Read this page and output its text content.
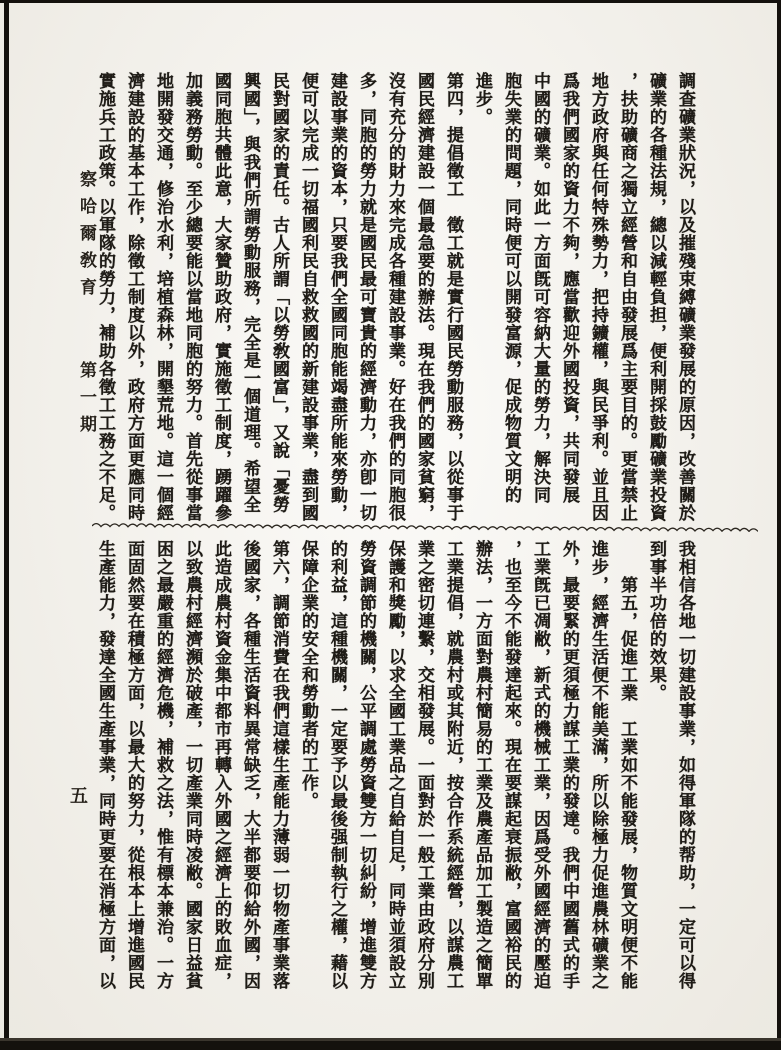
察哈爾敎育 第一期
五
調查礦業狀況，以及摧殘束縛礦業發展的原因，改善關於
礦業的各種法規，總以減輕負担，便利開採鼓勵礦業投資
，扶助礦商之獨立經營和自由發展爲主要目的。更當禁止
地方政府與任何特殊勢力，把持鑛權，與民爭利。並且因
爲我們國家的資力不夠，應當歡迎外國投資，共同發展
中國的礦業。如此一方面旣可容納大量的勞力，解決同
胞失業的問題，同時便可以開發富源，促成物質文明的
進步。
第四，提倡徵工　徵工就是實行國民勞動服務，以從事于
國民經濟建設一個最急要的辦法。現在我們的國家貧窮，
沒有充分的財力來完成各種建設事業。好在我們的同胞很
多，同胞的勞力就是國民最可寶貴的經濟動力，亦卽一切
建設事業的資本，只要我們全國同胞能竭盡所能來勞動，
便可以完成一切福國利民自救救國的新建設事業，盡到國
民對國家的責任。古人所謂「以勞敎國富」，又說「憂勞
興國」，與我們所謂勞動服務，完全是一個道理。希望全
國同胞共體此意，大家贊助政府，實施徵工制度，踴躍參
加義務勞動。至少總要能以當地同胞的努力。首先從事當
地開發交通，修治水利，培植森林，開墾荒地。這一個經
濟建設的基本工作，除徵工制度以外，政府方面更應同時
實施兵工政策。以軍隊的勞力，補助各徵工工務之不足。
我相信各地一切建設事業，如得軍隊的帮助，一定可以得
到事半功倍的效果。
　　第五，促進工業　工業如不能發展，物質文明便不能
進步，經濟生活便不能美滿，所以除極力促進農林礦業之
外，最要緊的更須極力謀工業的發達。我們中國舊式的手
工業旣已凋敝，新式的機械工業，因爲受外國經濟的壓迫
，也至今不能發達起來。現在要謀起衰振敝，富國裕民的
辦法，一方面對農村簡易的工業及農產品加工製造之簡單
工業提倡，就農村或其附近，按合作系統經營，以謀農工
業之密切連繫，交相發展。一面對於一般工業由政府分別
保護和獎勵，以求全國工業品之自給自足，同時並須設立
勞資調節的機關，公平調處勞資雙方一切糾紛，增進雙方
的利益，這種機關，一定要予以最後强制執行之權，藉以
保障企業的安全和勞動者的工作。
第六，調節消費在我們這樣生產能力薄弱一切物產事業落
後國家，各種生活資料異常缺乏，大半都要仰給外國，因
此造成農村資金集中都市再轉入外國之經濟上的敗血症，
以致農村經濟瀕於破產，一切產業同時凌敝。國家日益貧
困之最嚴重的經濟危機，補救之法，惟有標本兼治。一方
面固然要在積極方面，以最大的努力，從根本上增進國民
生產能力，發達全國生產事業，同時更要在消極方面，以
